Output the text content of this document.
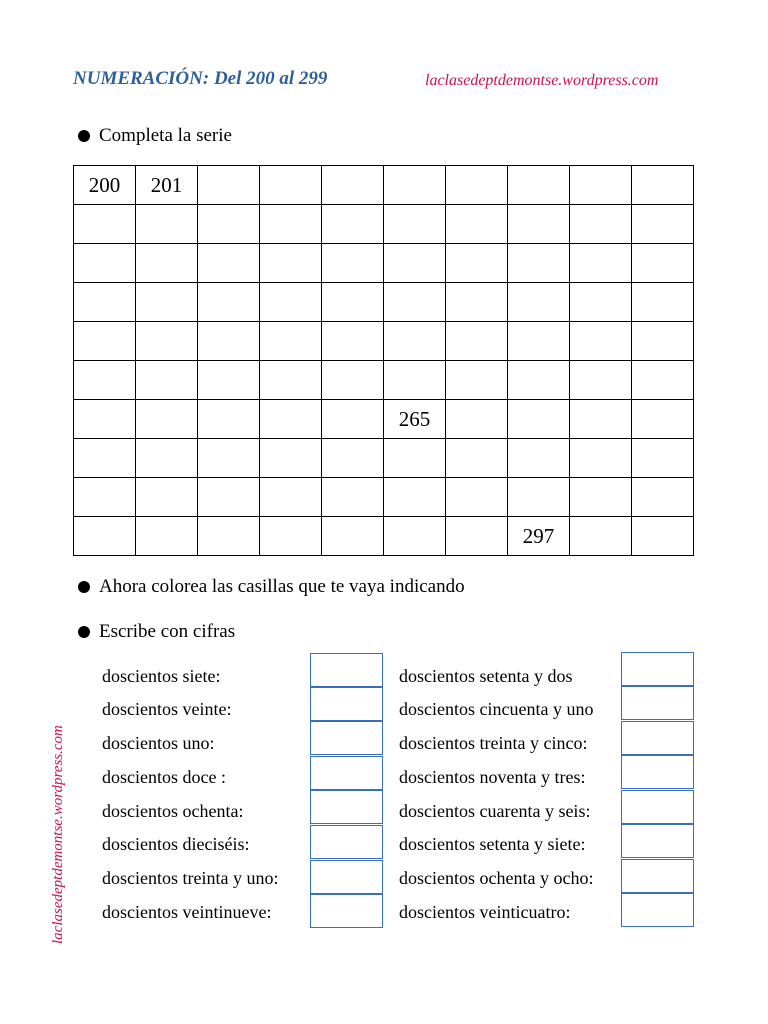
NUMERACIÓN: Del 200 al 299	laclasedeptdemontse.wordpress.com
laclasedeptdemontse.wordpress.com
Completa la serie
200	201								

					265				

							297		
Ahora colorea las casillas que te vaya indicando
Escribe con cifras
doscientos siete:
doscientos veinte:
doscientos uno:
doscientos doce :
doscientos ochenta:
doscientos dieciséis:
doscientos treinta y uno:
doscientos veintinueve:
doscientos setenta y dos
doscientos cincuenta y uno
doscientos treinta y cinco:
doscientos noventa y tres:
doscientos cuarenta y seis:
doscientos setenta y siete:
doscientos ochenta y ocho:
doscientos veinticuatro:
